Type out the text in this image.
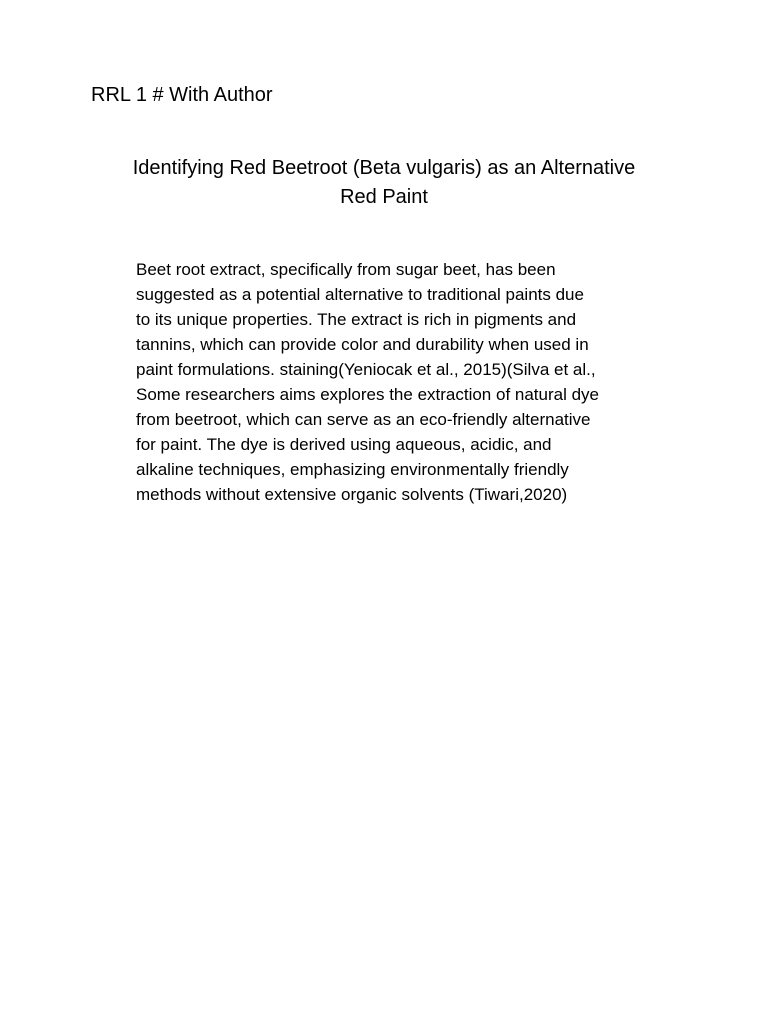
RRL 1 # With Author
Identifying Red Beetroot (Beta vulgaris) as an Alternative
Red Paint
Beet root extract, specifically from sugar beet, has been
suggested as a potential alternative to traditional paints due
to its unique properties. The extract is rich in pigments and
tannins, which can provide color and durability when used in
paint formulations. staining(Yeniocak et al., 2015)(Silva et al.,
Some researchers aims explores the extraction of natural dye
from beetroot, which can serve as an eco-friendly alternative
for paint. The dye is derived using aqueous, acidic, and
alkaline techniques, emphasizing environmentally friendly
methods without extensive organic solvents (Tiwari,2020)
